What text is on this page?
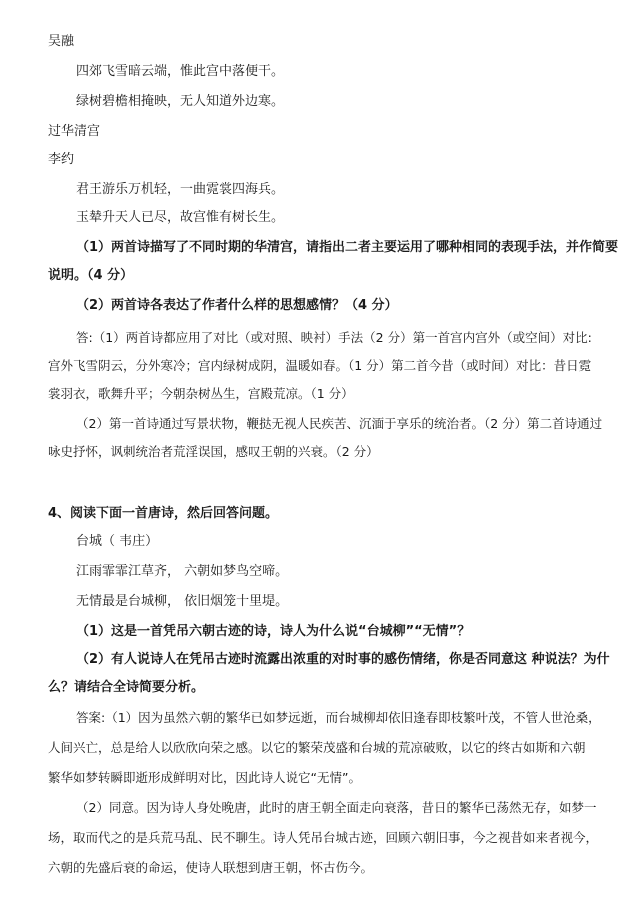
吴融
四郊飞雪暗云端，惟此宫中落便干。
绿树碧檐相掩映，无人知道外边寒。
过华清宫
李约
君王游乐万机轻，一曲霓裳四海兵。
玉辇升天人已尽，故宫惟有树长生。
（1）两首诗描写了不同时期的华清宫，请指出二者主要运用了哪种相同的表现手法，并作简要
说明。（4 分）
（2）两首诗各表达了作者什么样的思想感情？（4 分）
答:（1）两首诗都应用了对比（或对照、映衬）手法（2 分）第一首宫内宫外（或空间）对比:
宫外飞雪阴云，分外寒冷；宫内绿树成阴，温暖如春。（1 分）第二首今昔（或时间）对比：昔日霓
裳羽衣，歌舞升平；今朝杂树丛生，宫殿荒凉。（1 分）
（2）第一首诗通过写景状物，鞭挞无视人民疾苦、沉湎于享乐的统治者。（2 分）第二首诗通过
咏史抒怀，讽刺统治者荒淫误国，感叹王朝的兴衰。（2 分）
4、阅读下面一首唐诗，然后回答问题。
台城（ 韦庄）
江雨霏霏江草齐， 六朝如梦鸟空啼。
无情最是台城柳， 依旧烟笼十里堤。
（1）这是一首凭吊六朝古迹的诗，诗人为什么说“台城柳”“无情”？
（2）有人说诗人在凭吊古迹时流露出浓重的对时事的感伤情绪，你是否同意这 种说法？为什
么？请结合全诗简要分析。
答案:（1）因为虽然六朝的繁华已如梦远逝，而台城柳却依旧逢春即枝繁叶茂，不管人世沧桑，
人间兴亡，总是给人以欣欣向荣之感。以它的繁荣茂盛和台城的荒凉破败，以它的终古如斯和六朝
繁华如梦转瞬即逝形成鲜明对比，因此诗人说它“无情”。
（2）同意。因为诗人身处晚唐，此时的唐王朝全面走向衰落，昔日的繁华已荡然无存，如梦一
场，取而代之的是兵荒马乱、民不聊生。诗人凭吊台城古迹，回顾六朝旧事，今之视昔如来者视今，
六朝的先盛后衰的命运，使诗人联想到唐王朝，怀古伤今。
